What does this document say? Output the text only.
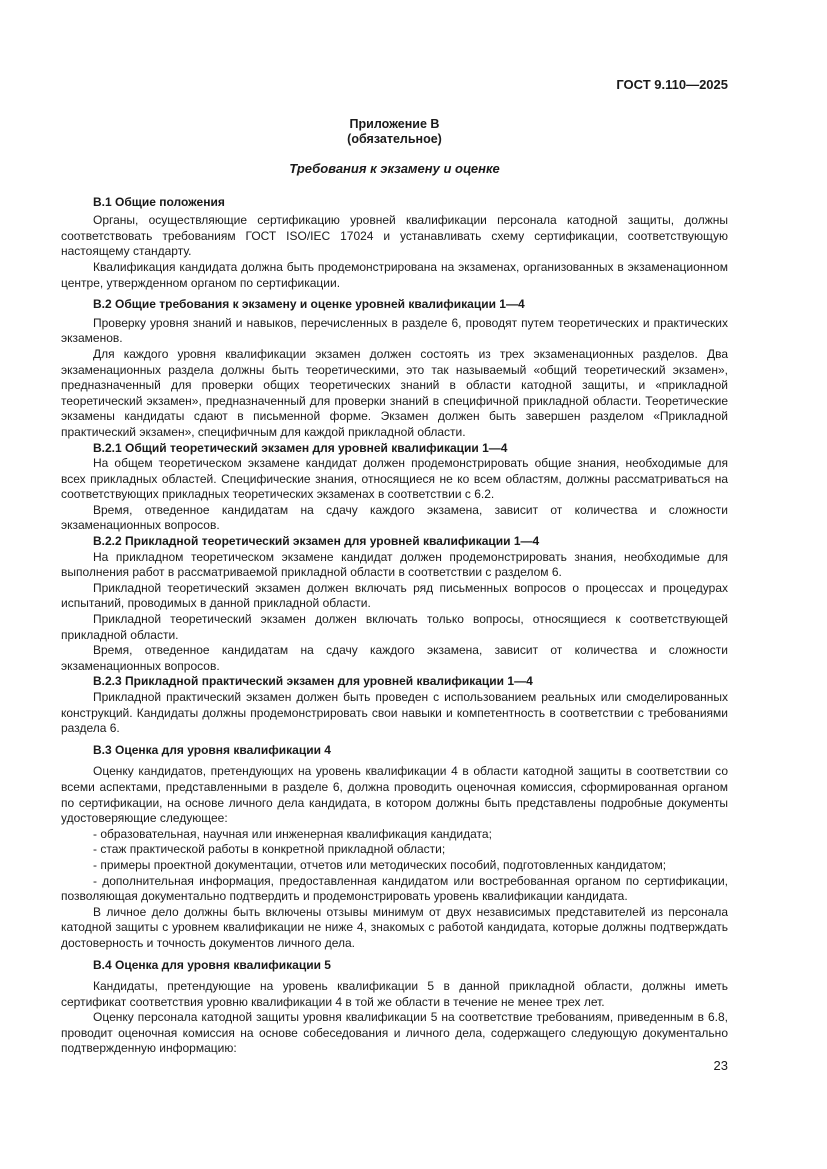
ГОСТ 9.110—2025
Приложение В
(обязательное)
Требования к экзамену и оценке
В.1 Общие положения

Органы, осуществляющие сертификацию уровней квалификации персонала катодной защиты, должны соответствовать требованиям ГОСТ ISO/IEC 17024 и устанавливать схему сертификации, соответствующую настоящему стандарту.

Квалификация кандидата должна быть продемонстрирована на экзаменах, организованных в экзаменационном центре, утвержденном органом по сертификации.

В.2 Общие требования к экзамену и оценке уровней квалификации 1—4

Проверку уровня знаний и навыков, перечисленных в разделе 6, проводят путем теоретических и практических экзаменов.

Для каждого уровня квалификации экзамен должен состоять из трех экзаменационных разделов. Два экзаменационных раздела должны быть теоретическими, это так называемый «общий теоретический экзамен», предназначенный для проверки общих теоретических знаний в области катодной защиты, и «прикладной теоретический экзамен», предназначенный для проверки знаний в специфичной прикладной области. Теоретические экзамены кандидаты сдают в письменной форме. Экзамен должен быть завершен разделом «Прикладной практический экзамен», специфичным для каждой прикладной области.

В.2.1 Общий теоретический экзамен для уровней квалификации 1—4

На общем теоретическом экзамене кандидат должен продемонстрировать общие знания, необходимые для всех прикладных областей. Специфические знания, относящиеся не ко всем областям, должны рассматриваться на соответствующих прикладных теоретических экзаменах в соответствии с 6.2.

Время, отведенное кандидатам на сдачу каждого экзамена, зависит от количества и сложности экзаменационных вопросов.

В.2.2 Прикладной теоретический экзамен для уровней квалификации 1—4

На прикладном теоретическом экзамене кандидат должен продемонстрировать знания, необходимые для выполнения работ в рассматриваемой прикладной области в соответствии с разделом 6.

Прикладной теоретический экзамен должен включать ряд письменных вопросов о процессах и процедурах испытаний, проводимых в данной прикладной области.

Прикладной теоретический экзамен должен включать только вопросы, относящиеся к соответствующей прикладной области.

Время, отведенное кандидатам на сдачу каждого экзамена, зависит от количества и сложности экзаменационных вопросов.

В.2.3 Прикладной практический экзамен для уровней квалификации 1—4

Прикладной практический экзамен должен быть проведен с использованием реальных или смоделированных конструкций. Кандидаты должны продемонстрировать свои навыки и компетентность в соответствии с требованиями раздела 6.

В.3 Оценка для уровня квалификации 4

Оценку кандидатов, претендующих на уровень квалификации 4 в области катодной защиты в соответствии со всеми аспектами, представленными в разделе 6, должна проводить оценочная комиссия, сформированная органом по сертификации, на основе личного дела кандидата, в котором должны быть представлены подробные документы удостоверяющие следующее:

- образовательная, научная или инженерная квалификация кандидата;

- стаж практической работы в конкретной прикладной области;

- примеры проектной документации, отчетов или методических пособий, подготовленных кандидатом;

- дополнительная информация, предоставленная кандидатом или востребованная органом по сертификации, позволяющая документально подтвердить и продемонстрировать уровень квалификации кандидата.

В личное дело должны быть включены отзывы минимум от двух независимых представителей из персонала катодной защиты с уровнем квалификации не ниже 4, знакомых с работой кандидата, которые должны подтверждать достоверность и точность документов личного дела.

В.4 Оценка для уровня квалификации 5

Кандидаты, претендующие на уровень квалификации 5 в данной прикладной области, должны иметь сертификат соответствия уровню квалификации 4 в той же области в течение не менее трех лет.

Оценку персонала катодной защиты уровня квалификации 5 на соответствие требованиям, приведенным в 6.8, проводит оценочная комиссия на основе собеседования и личного дела, содержащего следующую документально подтвержденную информацию:

23
